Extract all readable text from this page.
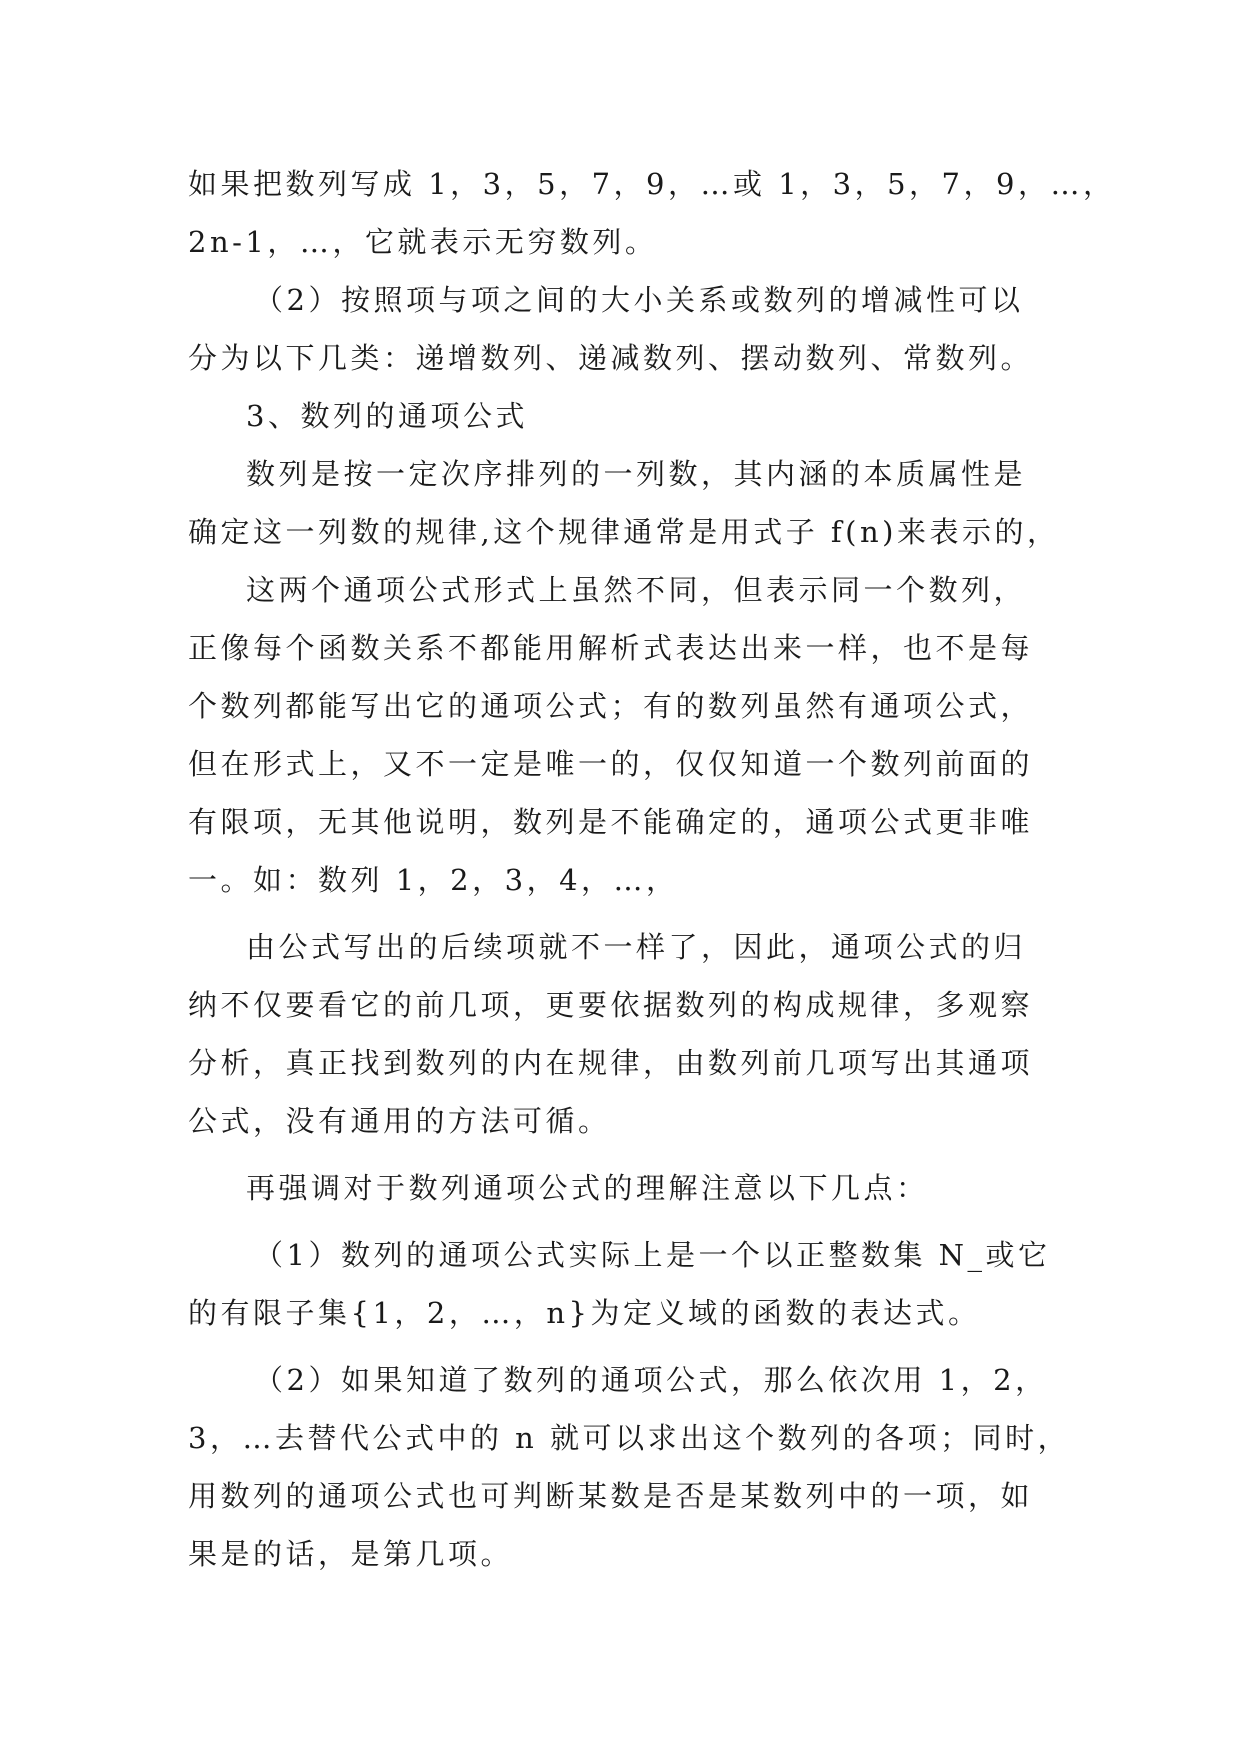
如果把数列写成 1，3，5，7，9，…或 1，3，5，7，9，…，
2n-1，…，它就表示无穷数列。
（2）按照项与项之间的大小关系或数列的增减性可以
分为以下几类：递增数列、递减数列、摆动数列、常数列。
3、数列的通项公式
数列是按一定次序排列的一列数，其内涵的本质属性是
确定这一列数的规律,这个规律通常是用式子 f(n)来表示的，
这两个通项公式形式上虽然不同，但表示同一个数列，
正像每个函数关系不都能用解析式表达出来一样，也不是每
个数列都能写出它的通项公式；有的数列虽然有通项公式，
但在形式上，又不一定是唯一的，仅仅知道一个数列前面的
有限项，无其他说明，数列是不能确定的，通项公式更非唯
一。如：数列 1，2，3，4，…，
由公式写出的后续项就不一样了，因此，通项公式的归
纳不仅要看它的前几项，更要依据数列的构成规律，多观察
分析，真正找到数列的内在规律，由数列前几项写出其通项
公式，没有通用的方法可循。
再强调对于数列通项公式的理解注意以下几点：
（1）数列的通项公式实际上是一个以正整数集 N_或它
的有限子集{1，2，…，n}为定义域的函数的表达式。
（2）如果知道了数列的通项公式，那么依次用 1，2，
3，…去替代公式中的 n 就可以求出这个数列的各项；同时，
用数列的通项公式也可判断某数是否是某数列中的一项，如
果是的话，是第几项。
